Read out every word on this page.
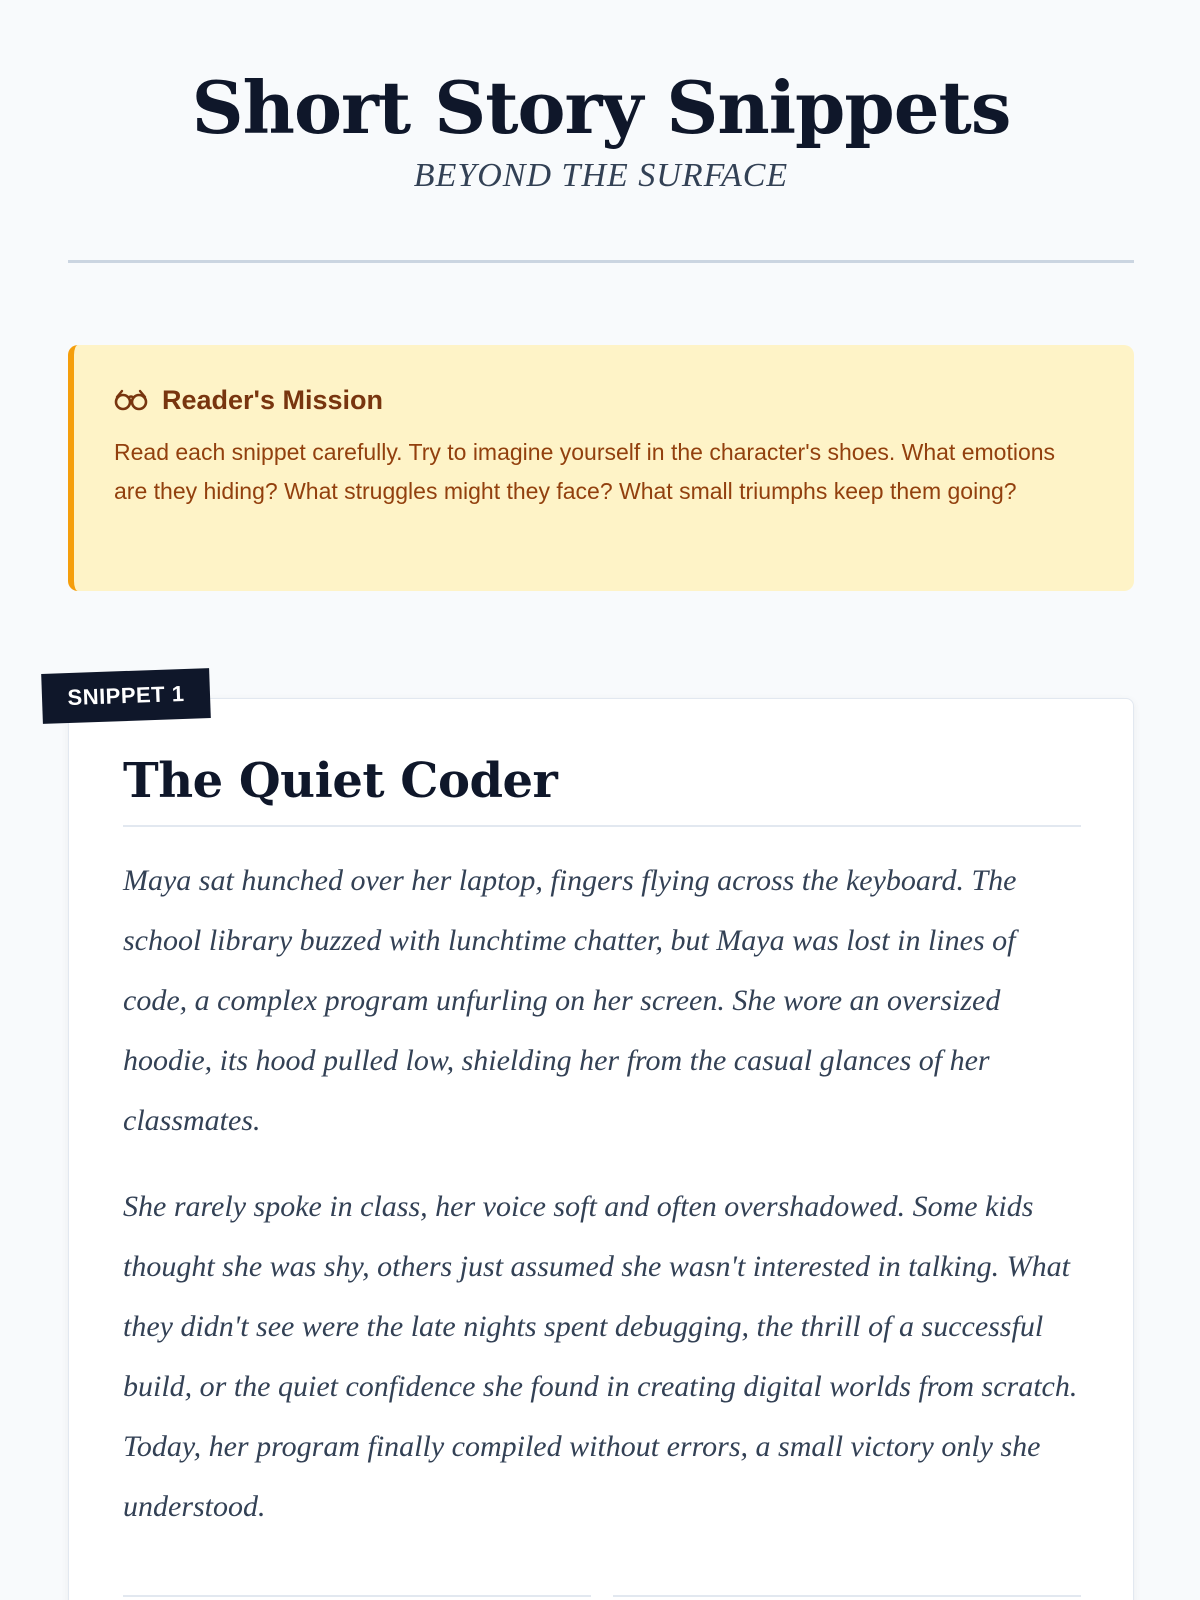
Short Story Snippets
BEYOND THE SURFACE
Reader's Mission

Read each snippet carefully. Try to imagine yourself in the character's shoes. What emotions are they hiding? What struggles might they face? What small triumphs keep them going?

SNIPPET 1
The Quiet Coder

Maya sat hunched over her laptop, fingers flying across the keyboard. The school library buzzed with lunchtime chatter, but Maya was lost in lines of code, a complex program unfurling on her screen. She wore an oversized hoodie, its hood pulled low, shielding her from the casual glances of her classmates.

She rarely spoke in class, her voice soft and often overshadowed. Some kids thought she was shy, others just assumed she wasn't interested in talking. What they didn't see were the late nights spent debugging, the thrill of a successful build, or the quiet confidence she found in creating digital worlds from scratch. Today, her program finally compiled without errors, a small victory only she understood.
